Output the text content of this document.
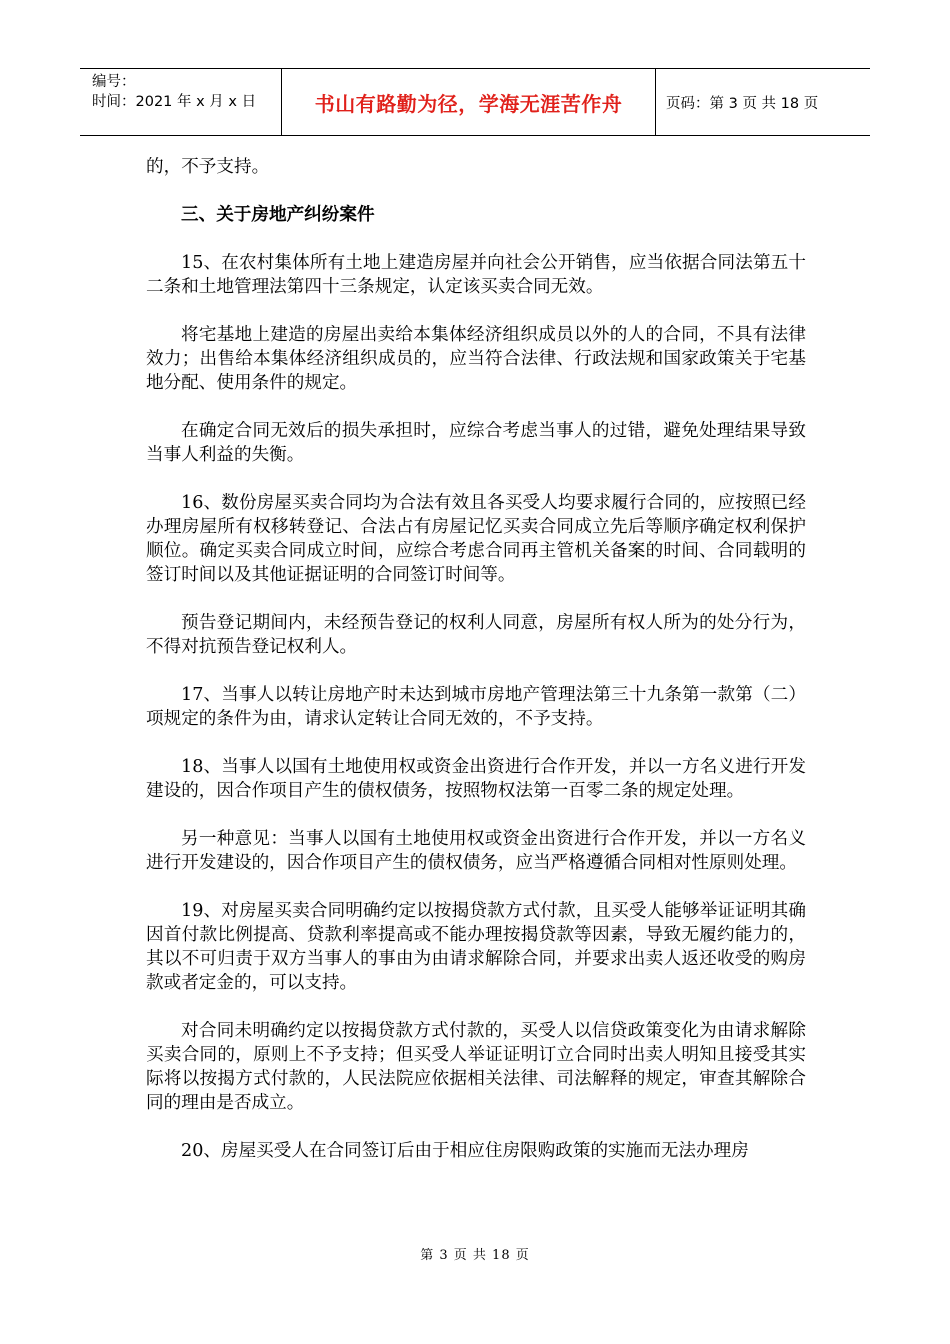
编号：
时间：2021 年 x 月 x 日	书山有路勤为径，学海无涯苦作舟	页码：第 3 页 共 18 页

的，不予支持。

三、关于房地产纠纷案件

15、在农村集体所有土地上建造房屋并向社会公开销售，应当依据合同法第五十二条和土地管理法第四十三条规定，认定该买卖合同无效。

将宅基地上建造的房屋出卖给本集体经济组织成员以外的人的合同，不具有法律效力；出售给本集体经济组织成员的，应当符合法律、行政法规和国家政策关于宅基地分配、使用条件的规定。

在确定合同无效后的损失承担时，应综合考虑当事人的过错，避免处理结果导致当事人利益的失衡。

16、数份房屋买卖合同均为合法有效且各买受人均要求履行合同的，应按照已经办理房屋所有权移转登记、合法占有房屋记忆买卖合同成立先后等顺序确定权利保护顺位。确定买卖合同成立时间，应综合考虑合同再主管机关备案的时间、合同载明的签订时间以及其他证据证明的合同签订时间等。

预告登记期间内，未经预告登记的权利人同意，房屋所有权人所为的处分行为，不得对抗预告登记权利人。

17、当事人以转让房地产时未达到城市房地产管理法第三十九条第一款第（二）项规定的条件为由，请求认定转让合同无效的，不予支持。

18、当事人以国有土地使用权或资金出资进行合作开发，并以一方名义进行开发建设的，因合作项目产生的债权债务，按照物权法第一百零二条的规定处理。

另一种意见：当事人以国有土地使用权或资金出资进行合作开发，并以一方名义进行开发建设的，因合作项目产生的债权债务，应当严格遵循合同相对性原则处理。

19、对房屋买卖合同明确约定以按揭贷款方式付款，且买受人能够举证证明其确因首付款比例提高、贷款利率提高或不能办理按揭贷款等因素，导致无履约能力的，其以不可归责于双方当事人的事由为由请求解除合同，并要求出卖人返还收受的购房款或者定金的，可以支持。

对合同未明确约定以按揭贷款方式付款的，买受人以信贷政策变化为由请求解除买卖合同的，原则上不予支持；但买受人举证证明订立合同时出卖人明知且接受其实际将以按揭方式付款的，人民法院应依据相关法律、司法解释的规定，审查其解除合同的理由是否成立。

20、房屋买受人在合同签订后由于相应住房限购政策的实施而无法办理房

第 3 页 共 18 页
